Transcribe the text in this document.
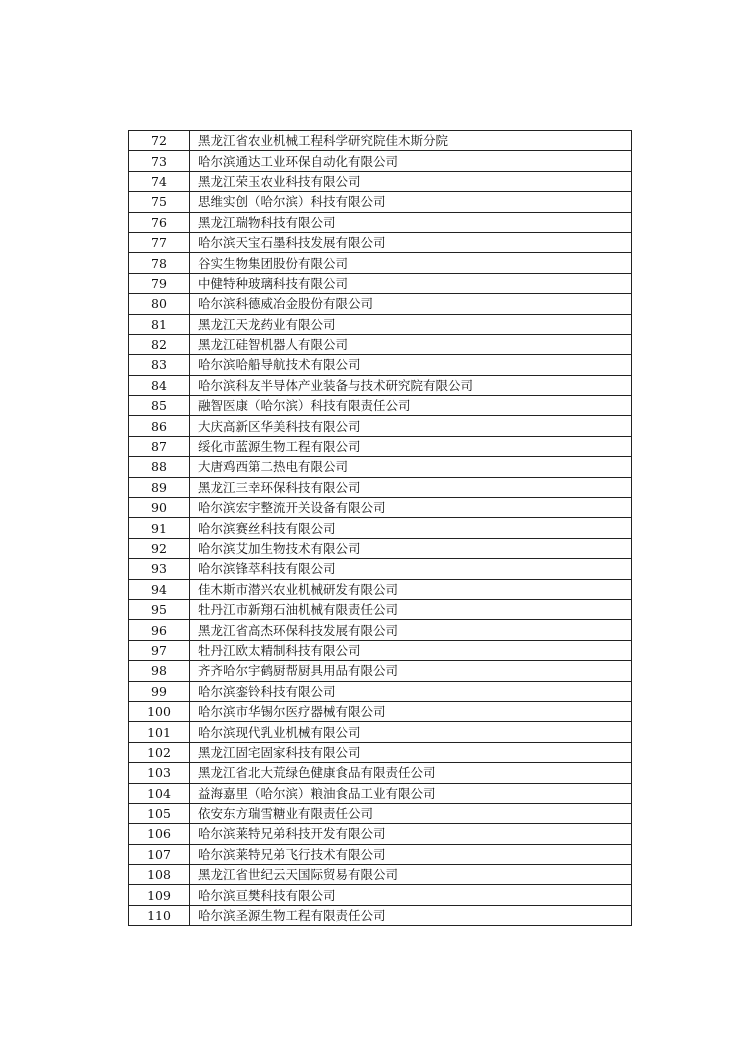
72	黑龙江省农业机械工程科学研究院佳木斯分院
73	哈尔滨通达工业环保自动化有限公司
74	黑龙江荣玉农业科技有限公司
75	思维实创（哈尔滨）科技有限公司
76	黑龙江瑞物科技有限公司
77	哈尔滨天宝石墨科技发展有限公司
78	谷实生物集团股份有限公司
79	中健特种玻璃科技有限公司
80	哈尔滨科德威冶金股份有限公司
81	黑龙江天龙药业有限公司
82	黑龙江硅智机器人有限公司
83	哈尔滨哈船导航技术有限公司
84	哈尔滨科友半导体产业装备与技术研究院有限公司
85	融智医康（哈尔滨）科技有限责任公司
86	大庆高新区华美科技有限公司
87	绥化市蓝源生物工程有限公司
88	大唐鸡西第二热电有限公司
89	黑龙江三幸环保科技有限公司
90	哈尔滨宏宇整流开关设备有限公司
91	哈尔滨赛丝科技有限公司
92	哈尔滨艾加生物技术有限公司
93	哈尔滨锋萃科技有限公司
94	佳木斯市潜兴农业机械研发有限公司
95	牡丹江市新翔石油机械有限责任公司
96	黑龙江省高杰环保科技发展有限公司
97	牡丹江欧太精制科技有限公司
98	齐齐哈尔宇鹤厨帮厨具用品有限公司
99	哈尔滨銮铃科技有限公司
100	哈尔滨市华锡尔医疗器械有限公司
101	哈尔滨现代乳业机械有限公司
102	黑龙江固宅固家科技有限公司
103	黑龙江省北大荒绿色健康食品有限责任公司
104	益海嘉里（哈尔滨）粮油食品工业有限公司
105	依安东方瑞雪糖业有限责任公司
106	哈尔滨莱特兄弟科技开发有限公司
107	哈尔滨莱特兄弟飞行技术有限公司
108	黑龙江省世纪云天国际贸易有限公司
109	哈尔滨亘樊科技有限公司
110	哈尔滨圣源生物工程有限责任公司
